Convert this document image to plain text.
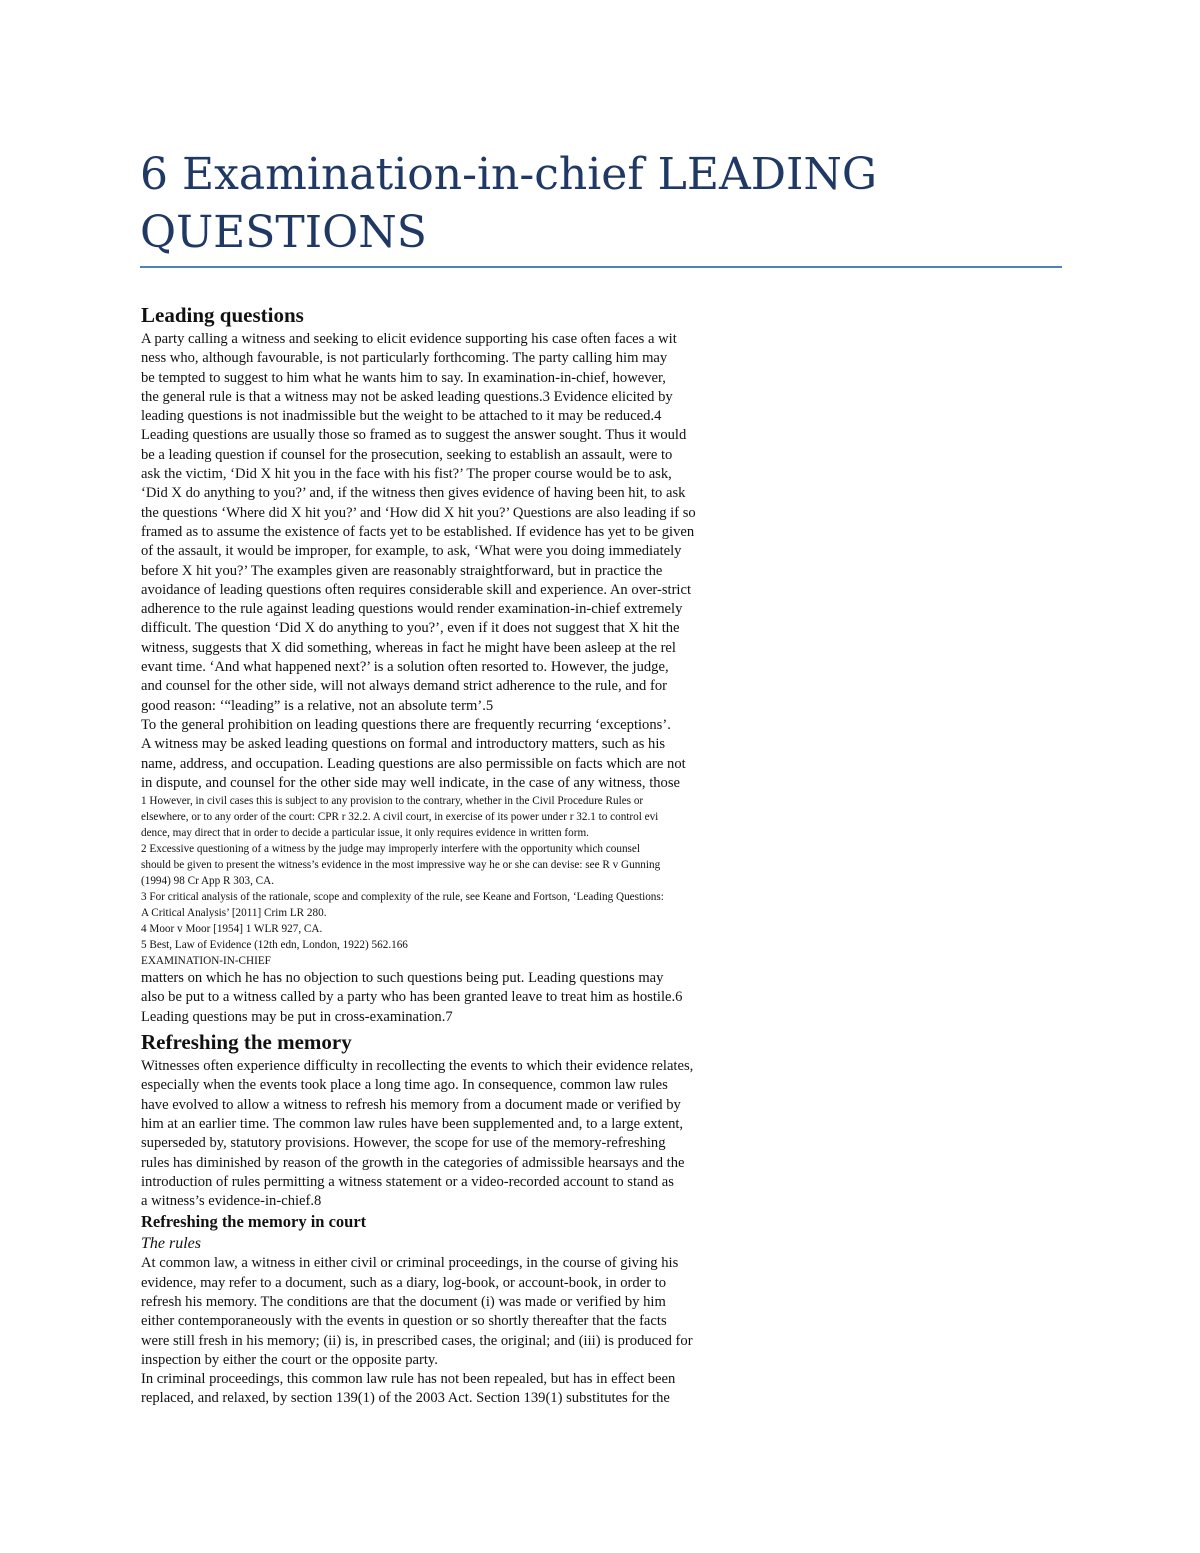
6 Examination-in-chief LEADING QUESTIONS
Leading questions
A party calling a witness and seeking to elicit evidence supporting his case often faces a wit
ness who, although favourable, is not particularly forthcoming. The party calling him may
be tempted to suggest to him what he wants him to say. In examination-in-chief, however,
the general rule is that a witness may not be asked leading questions.3 Evidence elicited by
leading questions is not inadmissible but the weight to be attached to it may be reduced.4
Leading questions are usually those so framed as to suggest the answer sought. Thus it would
be a leading question if counsel for the prosecution, seeking to establish an assault, were to
ask the victim, ‘Did X hit you in the face with his fist?’ The proper course would be to ask,
‘Did X do anything to you?’ and, if the witness then gives evidence of having been hit, to ask
the questions ‘Where did X hit you?’ and ‘How did X hit you?’ Questions are also leading if so
framed as to assume the existence of facts yet to be established. If evidence has yet to be given
of the assault, it would be improper, for example, to ask, ‘What were you doing immediately
before X hit you?’ The examples given are reasonably straightforward, but in practice the
avoidance of leading questions often requires considerable skill and experience. An over-strict
adherence to the rule against leading questions would render examination-in-chief extremely
difficult. The question ‘Did X do anything to you?’, even if it does not suggest that X hit the
witness, suggests that X did something, whereas in fact he might have been asleep at the rel
evant time. ‘And what happened next?’ is a solution often resorted to. However, the judge,
and counsel for the other side, will not always demand strict adherence to the rule, and for
good reason: ‘“leading” is a relative, not an absolute term’.5
To the general prohibition on leading questions there are frequently recurring ‘exceptions’.
A witness may be asked leading questions on formal and introductory matters, such as his
name, address, and occupation. Leading questions are also permissible on facts which are not
in dispute, and counsel for the other side may well indicate, in the case of any witness, those
1 However, in civil cases this is subject to any provision to the contrary, whether in the Civil Procedure Rules or
elsewhere, or to any order of the court: CPR r 32.2. A civil court, in exercise of its power under r 32.1 to control evi
dence, may direct that in order to decide a particular issue, it only requires evidence in written form.
2 Excessive questioning of a witness by the judge may improperly interfere with the opportunity which counsel
should be given to present the witness’s evidence in the most impressive way he or she can devise: see R v Gunning
(1994) 98 Cr App R 303, CA.
3 For critical analysis of the rationale, scope and complexity of the rule, see Keane and Fortson, ‘Leading Questions:
A Critical Analysis’ [2011] Crim LR 280.
4 Moor v Moor [1954] 1 WLR 927, CA.
5 Best, Law of Evidence (12th edn, London, 1922) 562.166
EXAMINATION-IN-CHIEF
matters on which he has no objection to such questions being put. Leading questions may
also be put to a witness called by a party who has been granted leave to treat him as hostile.6
Leading questions may be put in cross-examination.7
Refreshing the memory
Witnesses often experience difficulty in recollecting the events to which their evidence relates,
especially when the events took place a long time ago. In consequence, common law rules
have evolved to allow a witness to refresh his memory from a document made or verified by
him at an earlier time. The common law rules have been supplemented and, to a large extent,
superseded by, statutory provisions. However, the scope for use of the memory-refreshing
rules has diminished by reason of the growth in the categories of admissible hearsays and the
introduction of rules permitting a witness statement or a video-recorded account to stand as
a witness’s evidence-in-chief.8
Refreshing the memory in court
The rules
At common law, a witness in either civil or criminal proceedings, in the course of giving his
evidence, may refer to a document, such as a diary, log-book, or account-book, in order to
refresh his memory. The conditions are that the document (i) was made or verified by him
either contemporaneously with the events in question or so shortly thereafter that the facts
were still fresh in his memory; (ii) is, in prescribed cases, the original; and (iii) is produced for
inspection by either the court or the opposite party.
In criminal proceedings, this common law rule has not been repealed, but has in effect been
replaced, and relaxed, by section 139(1) of the 2003 Act. Section 139(1) substitutes for the
